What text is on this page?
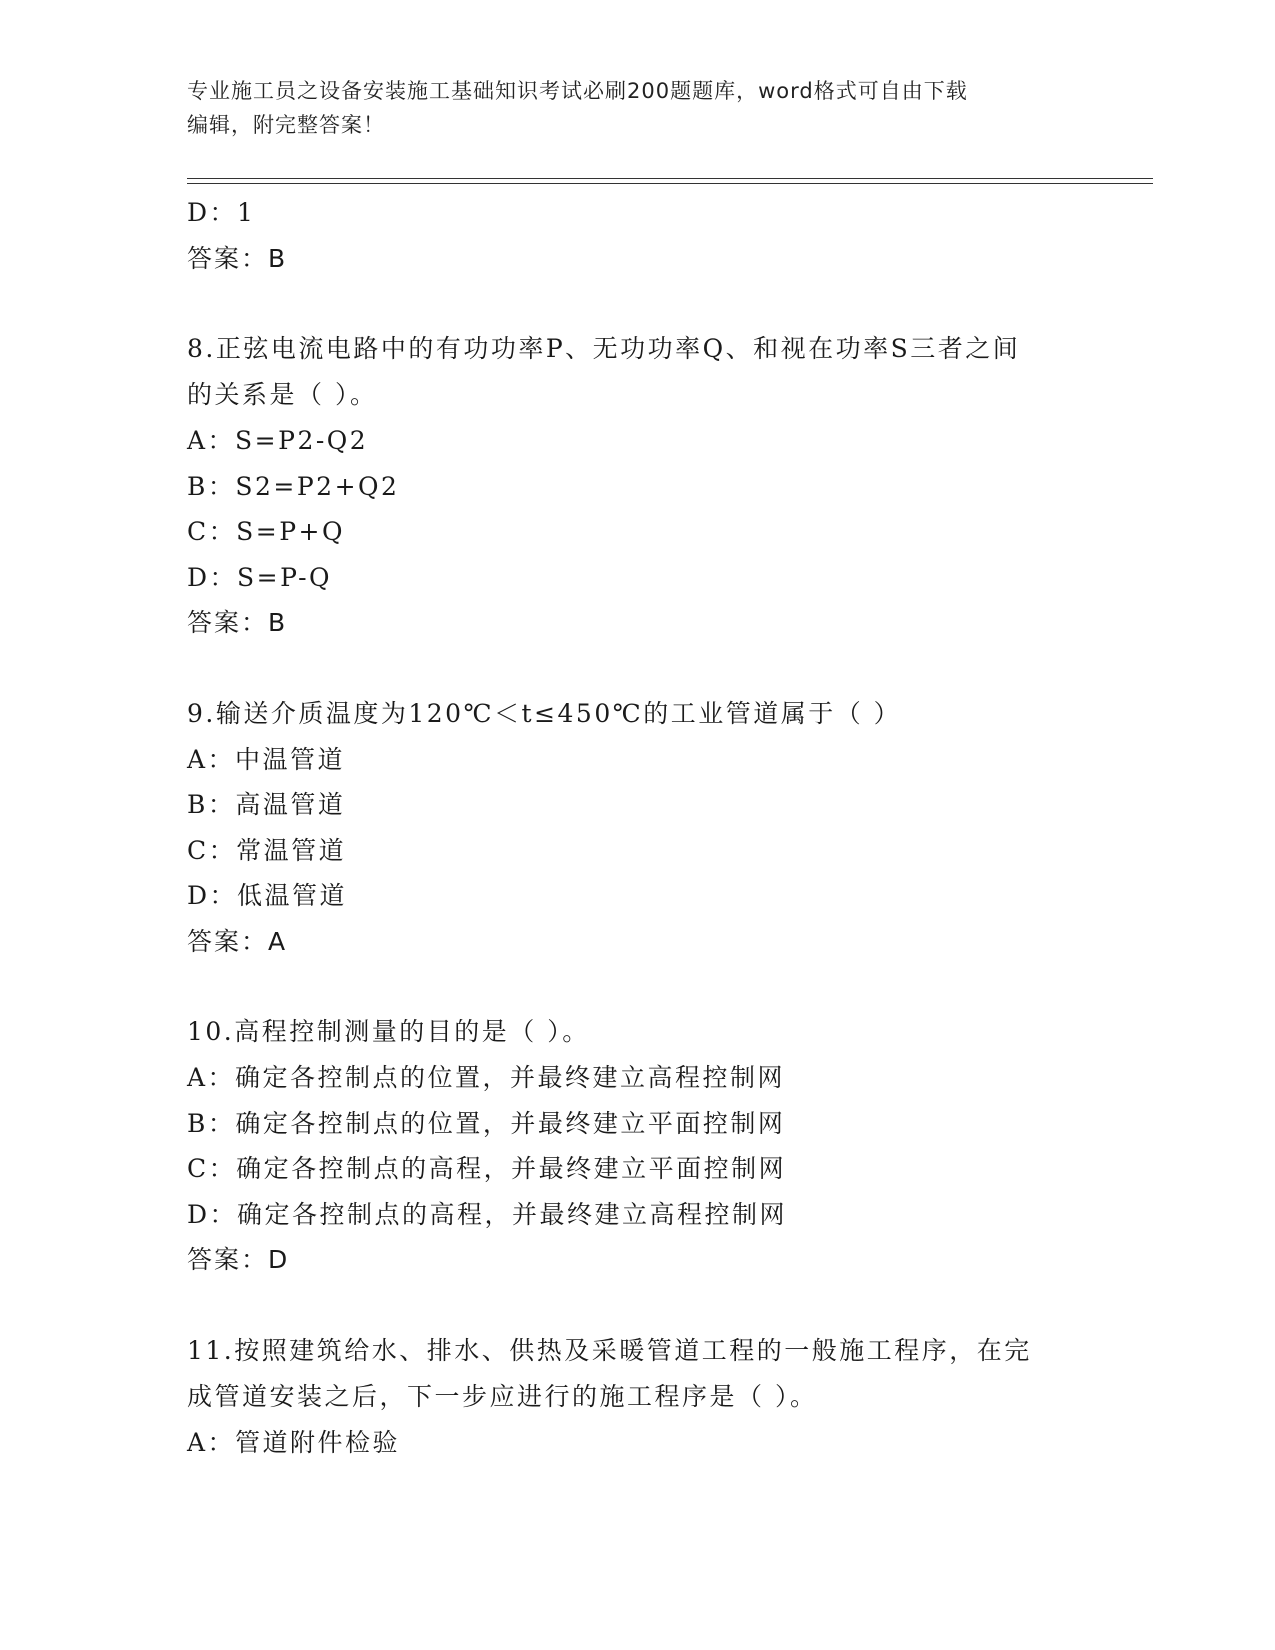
专业施工员之设备安装施工基础知识考试必刷200题题库，word格式可自由下载
编辑，附完整答案！
D：1
答案：B
8.正弦电流电路中的有功功率P、无功功率Q、和视在功率S三者之间
的关系是（ ）。
A：S=P2-Q2
B：S2=P2+Q2
C：S=P+Q
D：S=P-Q
答案：B
9.输送介质温度为120℃＜t≤450℃的工业管道属于（ ）
A：中温管道
B：高温管道
C：常温管道
D：低温管道
答案：A
10.高程控制测量的目的是（ ）。
A：确定各控制点的位置，并最终建立高程控制网
B：确定各控制点的位置，并最终建立平面控制网
C：确定各控制点的高程，并最终建立平面控制网
D：确定各控制点的高程，并最终建立高程控制网
答案：D
11.按照建筑给水、排水、供热及采暖管道工程的一般施工程序，在完
成管道安装之后，下一步应进行的施工程序是（ ）。
A：管道附件检验
